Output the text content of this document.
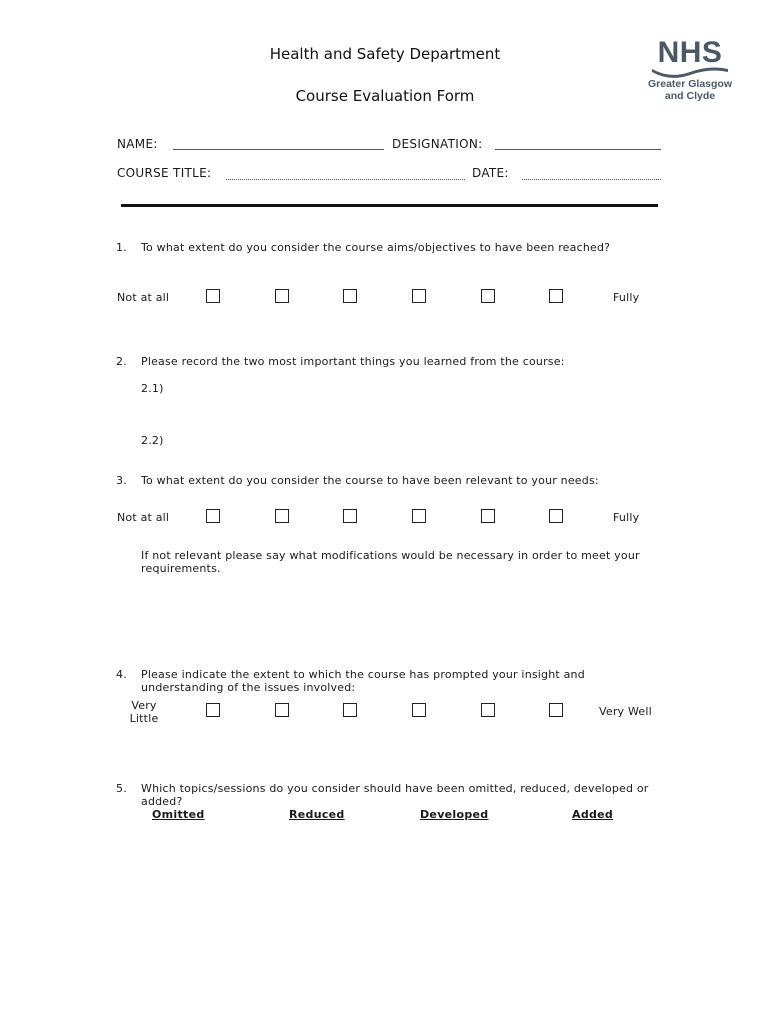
Health and Safety Department
Course Evaluation Form
NHS
Greater Glasgow
and Clyde
NAME:	DESIGNATION:
COURSE TITLE:	DATE:
1. To what extent do you consider the course aims/objectives to have been reached?
Not at all	Fully
2. Please record the two most important things you learned from the course:
2.1)
2.2)
3. To what extent do you consider the course to have been relevant to your needs:
Not at all	Fully
If not relevant please say what modifications would be necessary in order to meet your
requirements.
4. Please indicate the extent to which the course has prompted your insight and
understanding of the issues involved:
Very
Little
Very Well
5. Which topics/sessions do you consider should have been omitted, reduced, developed or
added?
Omitted	Reduced	Developed	Added
